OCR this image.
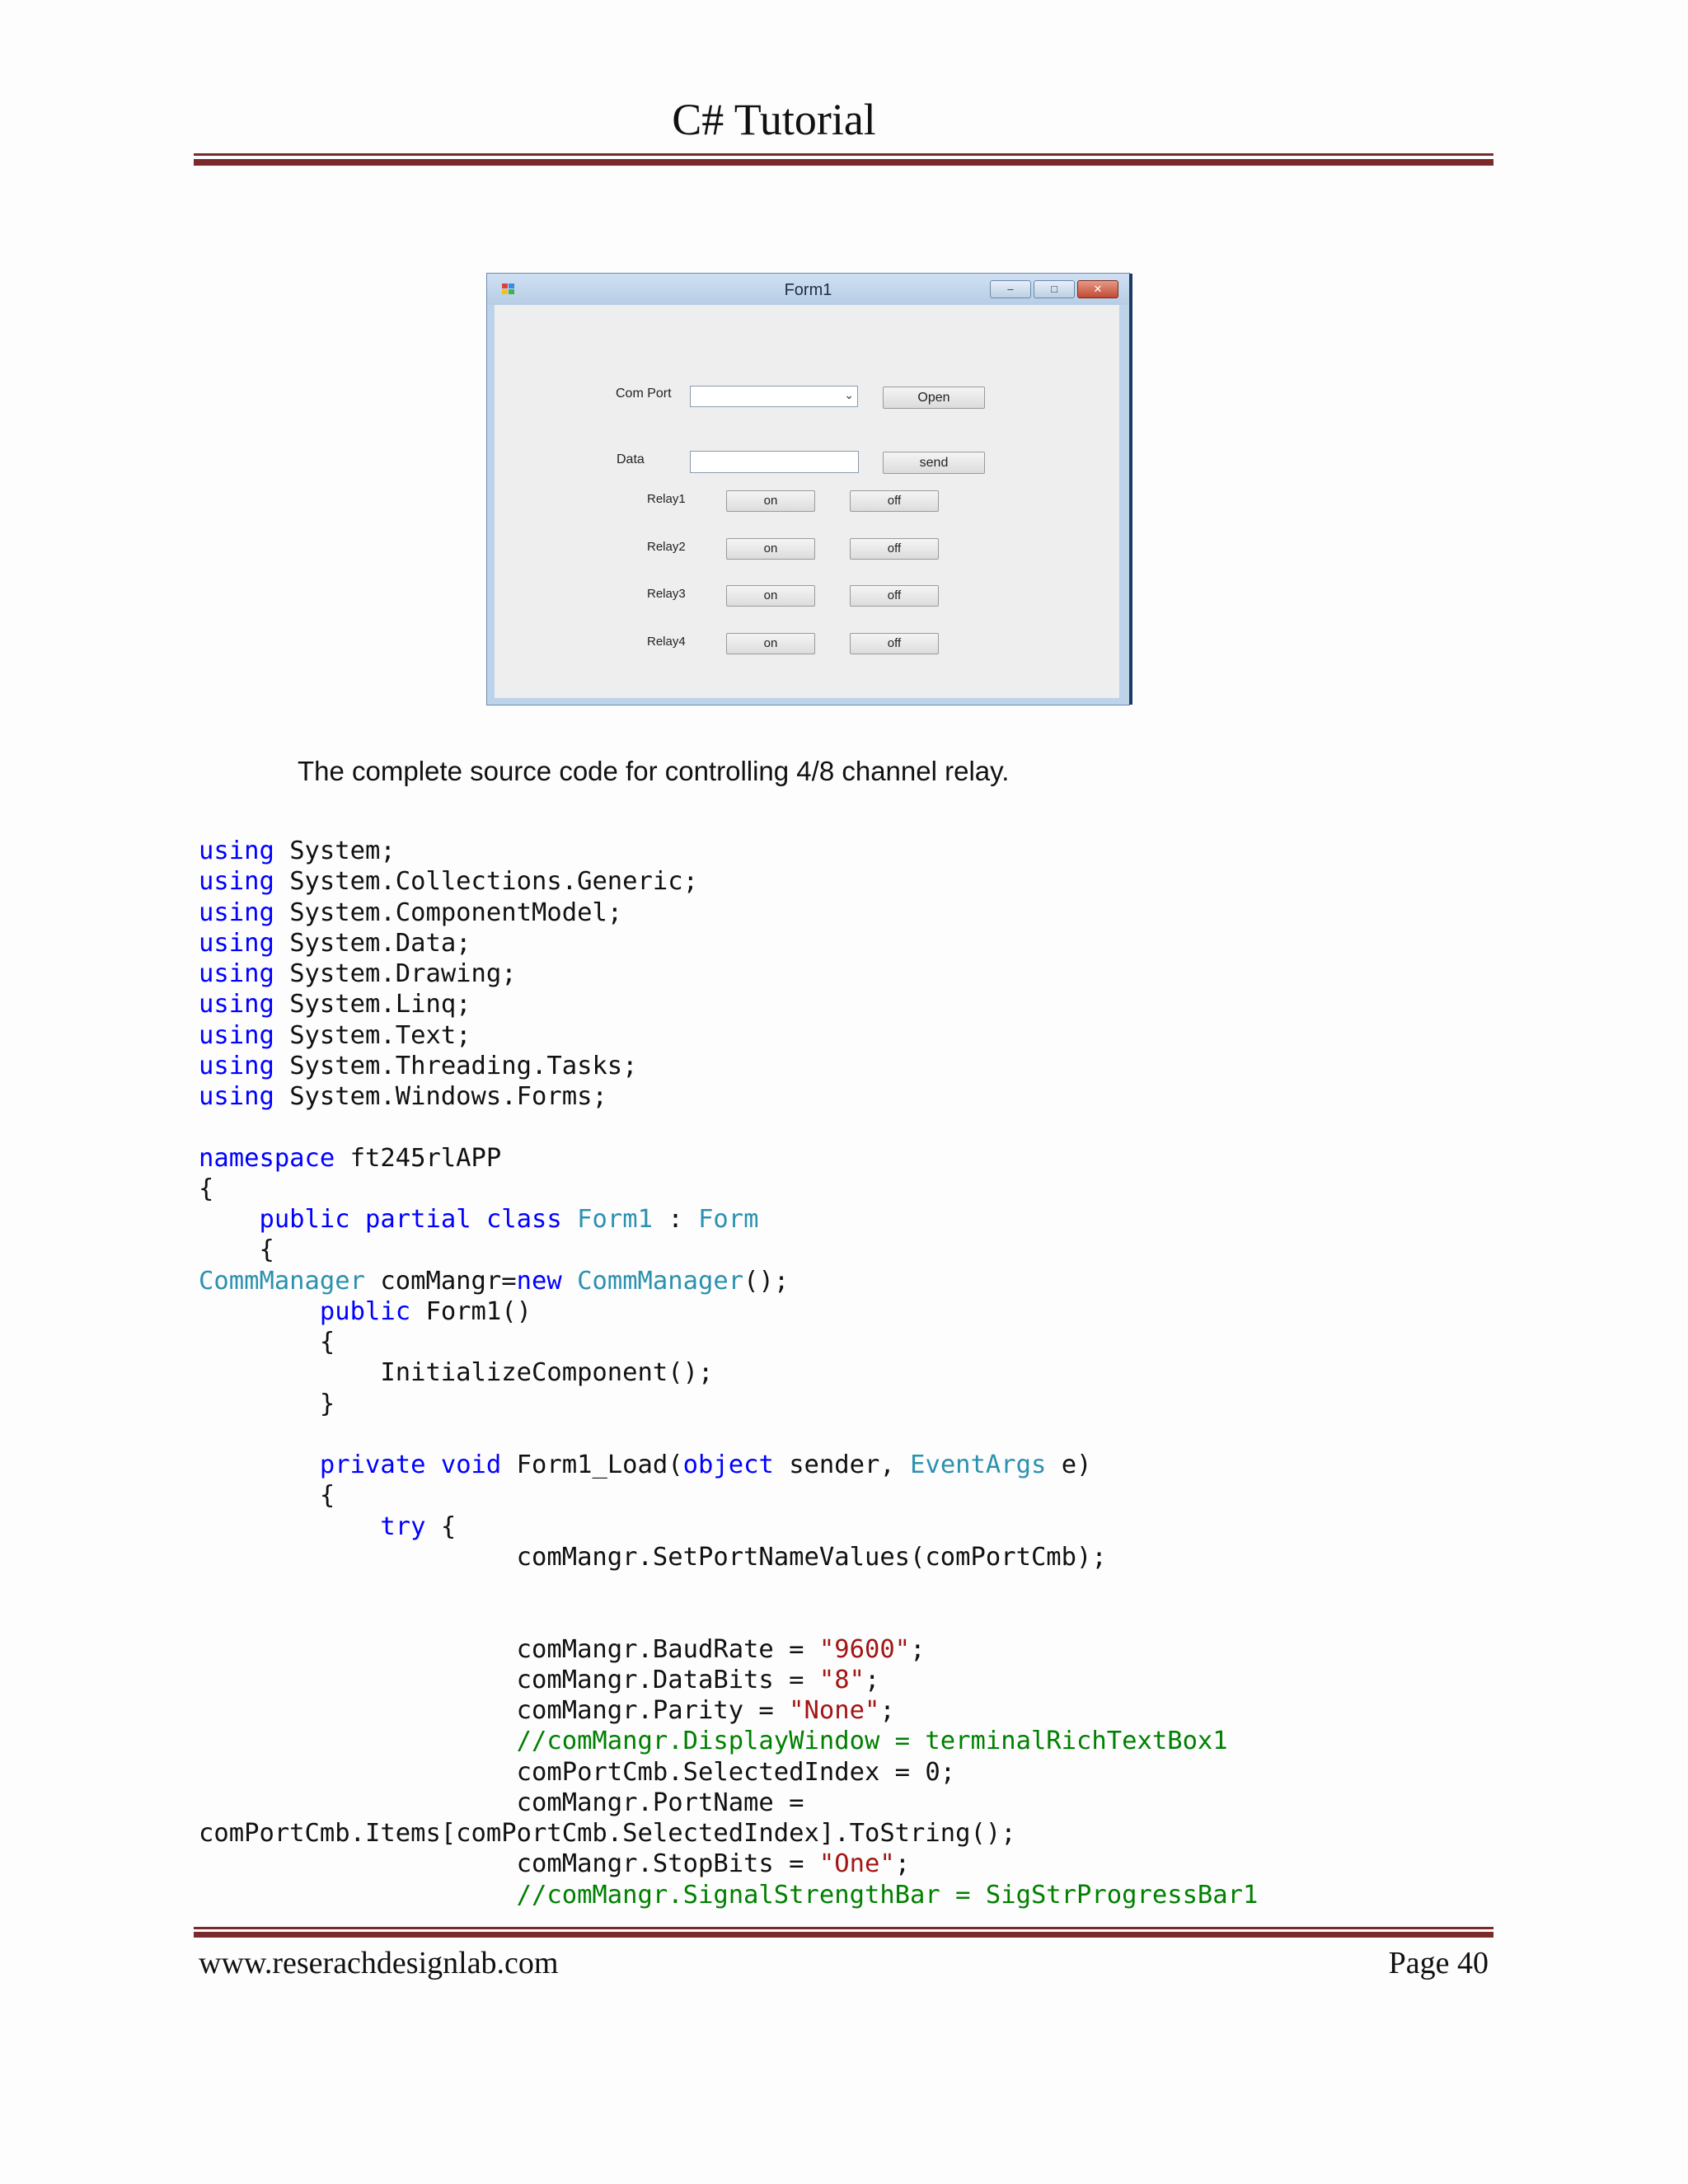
C# Tutorial
Form1	–	□	✕
Com Port	⌄	Open
Data	send
Relay1	on	off
Relay2	on	off
Relay3	on	off
Relay4	on	off
The complete source code for controlling 4/8 channel relay.
using System;
using System.Collections.Generic;
using System.ComponentModel;
using System.Data;
using System.Drawing;
using System.Linq;
using System.Text;
using System.Threading.Tasks;
using System.Windows.Forms;
namespace ft245rlAPP
{
public partial class Form1 : Form
{
CommManager comMangr=new CommManager();
public Form1()
{
InitializeComponent();
}
private void Form1_Load(object sender, EventArgs e)
{
try {
comMangr.SetPortNameValues(comPortCmb);
comMangr.BaudRate = "9600";
comMangr.DataBits = "8";
comMangr.Parity = "None";
//comMangr.DisplayWindow = terminalRichTextBox1
comPortCmb.SelectedIndex = 0;
comMangr.PortName =
comPortCmb.Items[comPortCmb.SelectedIndex].ToString();
comMangr.StopBits = "One";
//comMangr.SignalStrengthBar = SigStrProgressBar1
www.reserachdesignlab.com	Page 40
